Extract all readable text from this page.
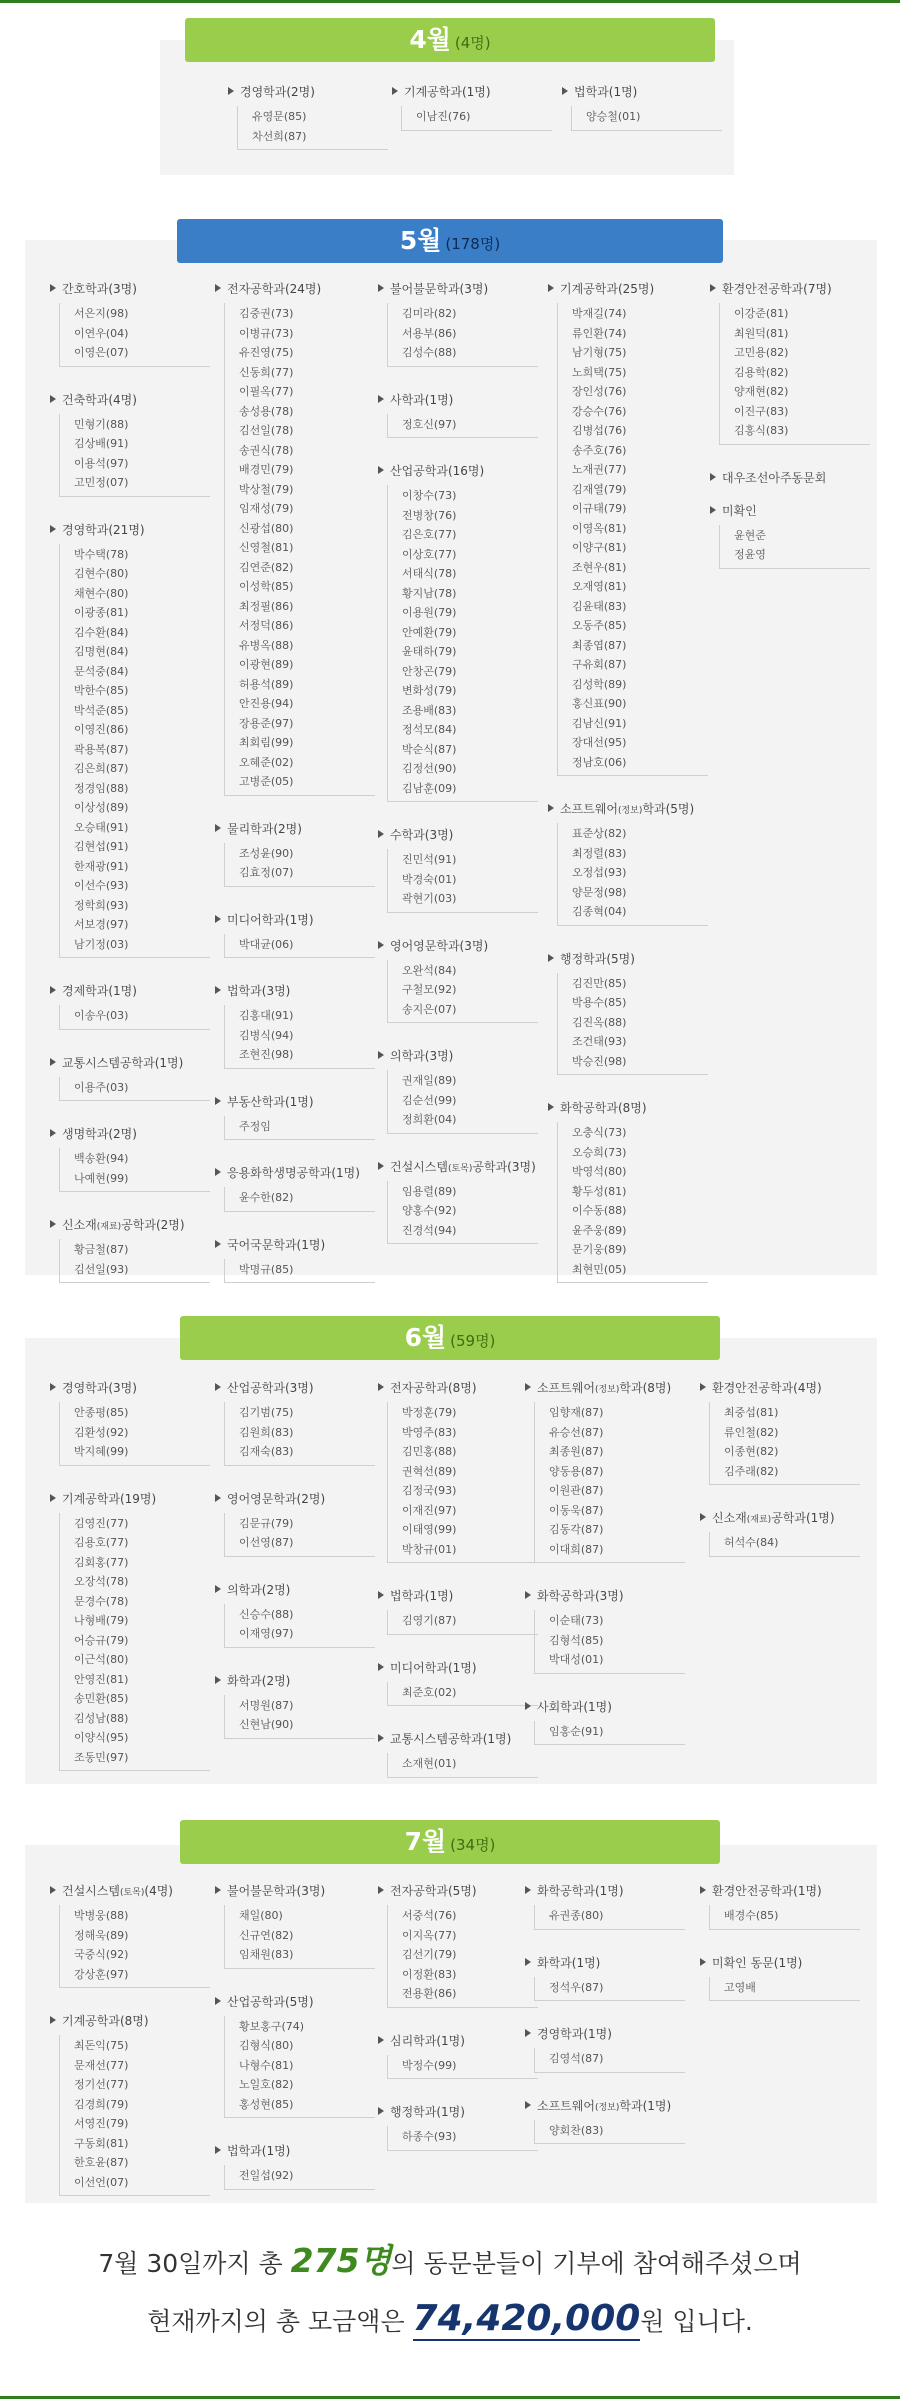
4월 (4명)
경영학과(2명)
유영문(85)
차선희(87)
기계공학과(1명)
이남진(76)
법학과(1명)
양승철(01)
5월 (178명)
간호학과(3명)
서은지(98)
이연우(04)
이영은(07)
건축학과(4명)
민형기(88)
김상배(91)
이용석(97)
고민정(07)
경영학과(21명)
박수택(78)
김현수(80)
채현수(80)
이광종(81)
김수환(84)
김명현(84)
문석중(84)
박한수(85)
박석준(85)
이영진(86)
곽용복(87)
김은희(87)
정경임(88)
이상성(89)
오승태(91)
김현섭(91)
한재광(91)
이선수(93)
정학희(93)
서보경(97)
남기정(03)
경제학과(1명)
이송우(03)
교통시스템공학과(1명)
이용주(03)
생명학과(2명)
백송환(94)
나예현(99)
신소재(재료)공학과(2명)
황금철(87)
김선일(93)
전자공학과(24명)
김중권(73)
이병규(73)
유진영(75)
신동희(77)
이필옥(77)
송성용(78)
김선일(78)
송권식(78)
배경민(79)
박상철(79)
임재성(79)
신광섭(80)
신영철(81)
김연준(82)
이성학(85)
최정필(86)
서정덕(86)
유병옥(88)
이광현(89)
허용석(89)
안진용(94)
장용준(97)
최회림(99)
오혜준(02)
고병준(05)
물리학과(2명)
조성윤(90)
김효정(07)
미디어학과(1명)
박대균(06)
법학과(3명)
김홍대(91)
김병식(94)
조현진(98)
부동산학과(1명)
주정임
응용화학생명공학과(1명)
윤수한(82)
국어국문학과(1명)
박명규(85)
불어불문학과(3명)
김미라(82)
서용부(86)
김성수(88)
사학과(1명)
정호신(97)
산업공학과(16명)
이창수(73)
전병창(76)
김은호(77)
이상호(77)
서태식(78)
황지남(78)
이용원(79)
안예환(79)
윤태하(79)
안창곤(79)
변화성(79)
조용배(83)
정석모(84)
박순식(87)
김정선(90)
김남훈(09)
수학과(3명)
진민석(91)
박경숙(01)
곽현기(03)
영어영문학과(3명)
오완석(84)
구철모(92)
송지은(07)
의학과(3명)
권재일(89)
김순선(99)
정희환(04)
건설시스템(토목)공학과(3명)
임용렬(89)
양홍수(92)
진경석(94)
기계공학과(25명)
박재길(74)
류인환(74)
남기형(75)
노희택(75)
장인성(76)
강승수(76)
김병섭(76)
송주호(76)
노재권(77)
김재열(79)
이규태(79)
이영옥(81)
이양구(81)
조현우(81)
오재영(81)
김윤태(83)
오동주(85)
최종엽(87)
구유회(87)
김성학(89)
홍신표(90)
김남신(91)
장대선(95)
정남호(06)
소프트웨어(정보)학과(5명)
표준상(82)
최정렬(83)
오정섭(93)
양문정(98)
김종혁(04)
행정학과(5명)
김진만(85)
박용수(85)
김진옥(88)
조건태(93)
박승진(98)
화학공학과(8명)
오충식(73)
오승희(73)
박영석(80)
황두성(81)
이수동(88)
윤주웅(89)
문기웅(89)
최현민(05)
환경안전공학과(7명)
이강준(81)
최원덕(81)
고민용(82)
김용학(82)
양재현(82)
이진구(83)
김홍식(83)
대우조선아주동문회
미확인
윤현준
정윤영
6월 (59명)
경영학과(3명)
안종평(85)
김환성(92)
박지혜(99)
기계공학과(19명)
김영진(77)
김용호(77)
김회홍(77)
오장석(78)
문경수(78)
나형배(79)
어승규(79)
이근석(80)
안영진(81)
송민환(85)
김성남(88)
이양식(95)
조동민(97)
산업공학과(3명)
김기범(75)
김원희(83)
김재숙(83)
영어영문학과(2명)
김문규(79)
이선영(87)
의학과(2명)
신승수(88)
이재영(97)
화학과(2명)
서명원(87)
신현남(90)
전자공학과(8명)
박정훈(79)
박영주(83)
김민홍(88)
권혁선(89)
김정국(93)
이재진(97)
이태영(99)
박창규(01)
법학과(1명)
김영기(87)
미디어학과(1명)
최준호(02)
교통시스템공학과(1명)
소재현(01)
소프트웨어(정보)학과(8명)
임향재(87)
유승선(87)
최종원(87)
양동용(87)
이원관(87)
이동욱(87)
김동각(87)
이대희(87)
화학공학과(3명)
이순태(73)
김형석(85)
박대성(01)
사회학과(1명)
임홍순(91)
환경안전공학과(4명)
최중섭(81)
류인철(82)
이종현(82)
김주래(82)
신소재(재료)공학과(1명)
허석수(84)
7월 (34명)
건설시스템(토목)(4명)
박병웅(88)
정해욱(89)
국중식(92)
강상훈(97)
기계공학과(8명)
최돈익(75)
문재선(77)
정기선(77)
김경희(79)
서영진(79)
구동회(81)
한호윤(87)
이선언(07)
불어불문학과(3명)
채일(80)
신규연(82)
임채원(83)
산업공학과(5명)
황보홍구(74)
김형식(80)
나형수(81)
노일호(82)
홍성현(85)
법학과(1명)
전일섭(92)
전자공학과(5명)
서중석(76)
이지옥(77)
김선기(79)
이정환(83)
전용환(86)
심리학과(1명)
박정수(99)
행정학과(1명)
하종수(93)
화학공학과(1명)
유권종(80)
화학과(1명)
정석우(87)
경영학과(1명)
김영석(87)
소프트웨어(정보)학과(1명)
양회찬(83)
환경안전공학과(1명)
배경수(85)
미확인 동문(1명)
고영배
7월 30일까지 총 275명의 동문분들이 기부에 참여해주셨으며
현재까지의 총 모금액은 74,420,000원 입니다.
